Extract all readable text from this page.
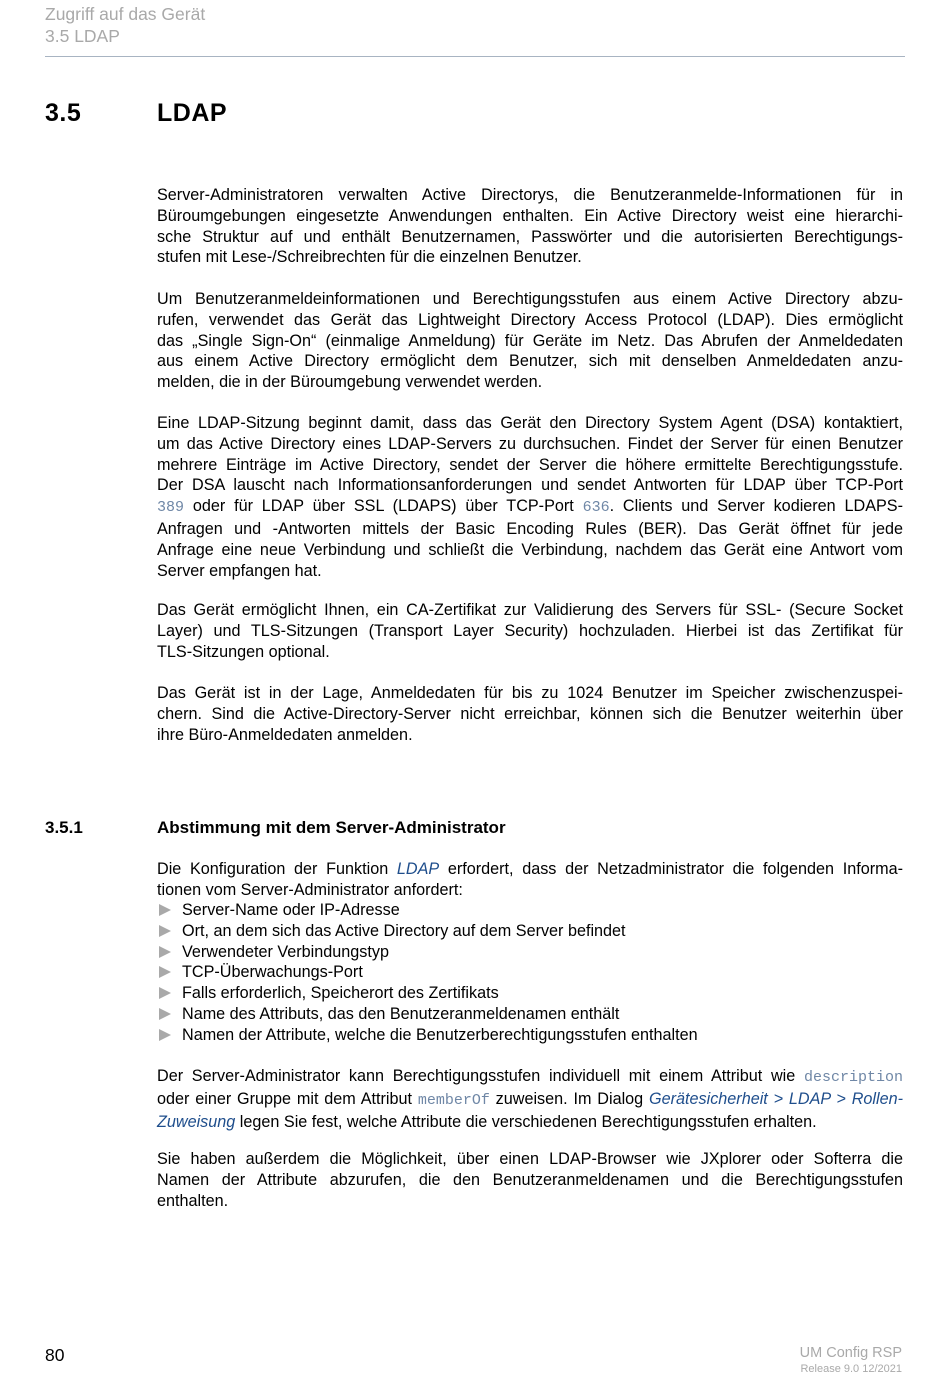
Zugriff auf das Gerät
3.5 LDAP
3.5	LDAP
Server-Administratoren verwalten Active Directorys, die Benutzeranmelde-Informationen für in
Büroumgebungen eingesetzte Anwendungen enthalten. Ein Active Directory weist eine hierarchi-
sche Struktur auf und enthält Benutzernamen, Passwörter und die autorisierten Berechtigungs-
stufen mit Lese-/Schreibrechten für die einzelnen Benutzer.
Um Benutzeranmeldeinformationen und Berechtigungsstufen aus einem Active Directory abzu-
rufen, verwendet das Gerät das Lightweight Directory Access Protocol (LDAP). Dies ermöglicht
das „Single Sign-On“ (einmalige Anmeldung) für Geräte im Netz. Das Abrufen der Anmeldedaten
aus einem Active Directory ermöglicht dem Benutzer, sich mit denselben Anmeldedaten anzu-
melden, die in der Büroumgebung verwendet werden.
Eine LDAP-Sitzung beginnt damit, dass das Gerät den Directory System Agent (DSA) kontaktiert,
um das Active Directory eines LDAP-Servers zu durchsuchen. Findet der Server für einen Benutzer
mehrere Einträge im Active Directory, sendet der Server die höhere ermittelte Berechtigungsstufe.
Der DSA lauscht nach Informationsanforderungen und sendet Antworten für LDAP über TCP-Port
389 oder für LDAP über SSL (LDAPS) über TCP-Port 636. Clients und Server kodieren LDAPS-
Anfragen und -Antworten mittels der Basic Encoding Rules (BER). Das Gerät öffnet für jede
Anfrage eine neue Verbindung und schließt die Verbindung, nachdem das Gerät eine Antwort vom
Server empfangen hat.
Das Gerät ermöglicht Ihnen, ein CA-Zertifikat zur Validierung des Servers für SSL- (Secure Socket
Layer) und TLS-Sitzungen (Transport Layer Security) hochzuladen. Hierbei ist das Zertifikat für
TLS-Sitzungen optional.
Das Gerät ist in der Lage, Anmeldedaten für bis zu 1024 Benutzer im Speicher zwischenzuspei-
chern. Sind die Active-Directory-Server nicht erreichbar, können sich die Benutzer weiterhin über
ihre Büro-Anmeldedaten anmelden.
3.5.1	Abstimmung mit dem Server-Administrator
Die Konfiguration der Funktion LDAP erfordert, dass der Netzadministrator die folgenden Informa-
tionen vom Server-Administrator anfordert:
Server-Name oder IP-Adresse
Ort, an dem sich das Active Directory auf dem Server befindet
Verwendeter Verbindungstyp
TCP-Überwachungs-Port
Falls erforderlich, Speicherort des Zertifikats
Name des Attributs, das den Benutzeranmeldenamen enthält
Namen der Attribute, welche die Benutzerberechtigungsstufen enthalten
Der Server-Administrator kann Berechtigungsstufen individuell mit einem Attribut wie description
oder einer Gruppe mit dem Attribut memberOf zuweisen. Im Dialog Gerätesicherheit > LDAP > Rollen-
Zuweisung legen Sie fest, welche Attribute die verschiedenen Berechtigungsstufen erhalten.
Sie haben außerdem die Möglichkeit, über einen LDAP-Browser wie JXplorer oder Softerra die
Namen der Attribute abzurufen, die den Benutzeranmeldenamen und die Berechtigungsstufen
enthalten.
80	UM Config RSP
Release 9.0 12/2021
